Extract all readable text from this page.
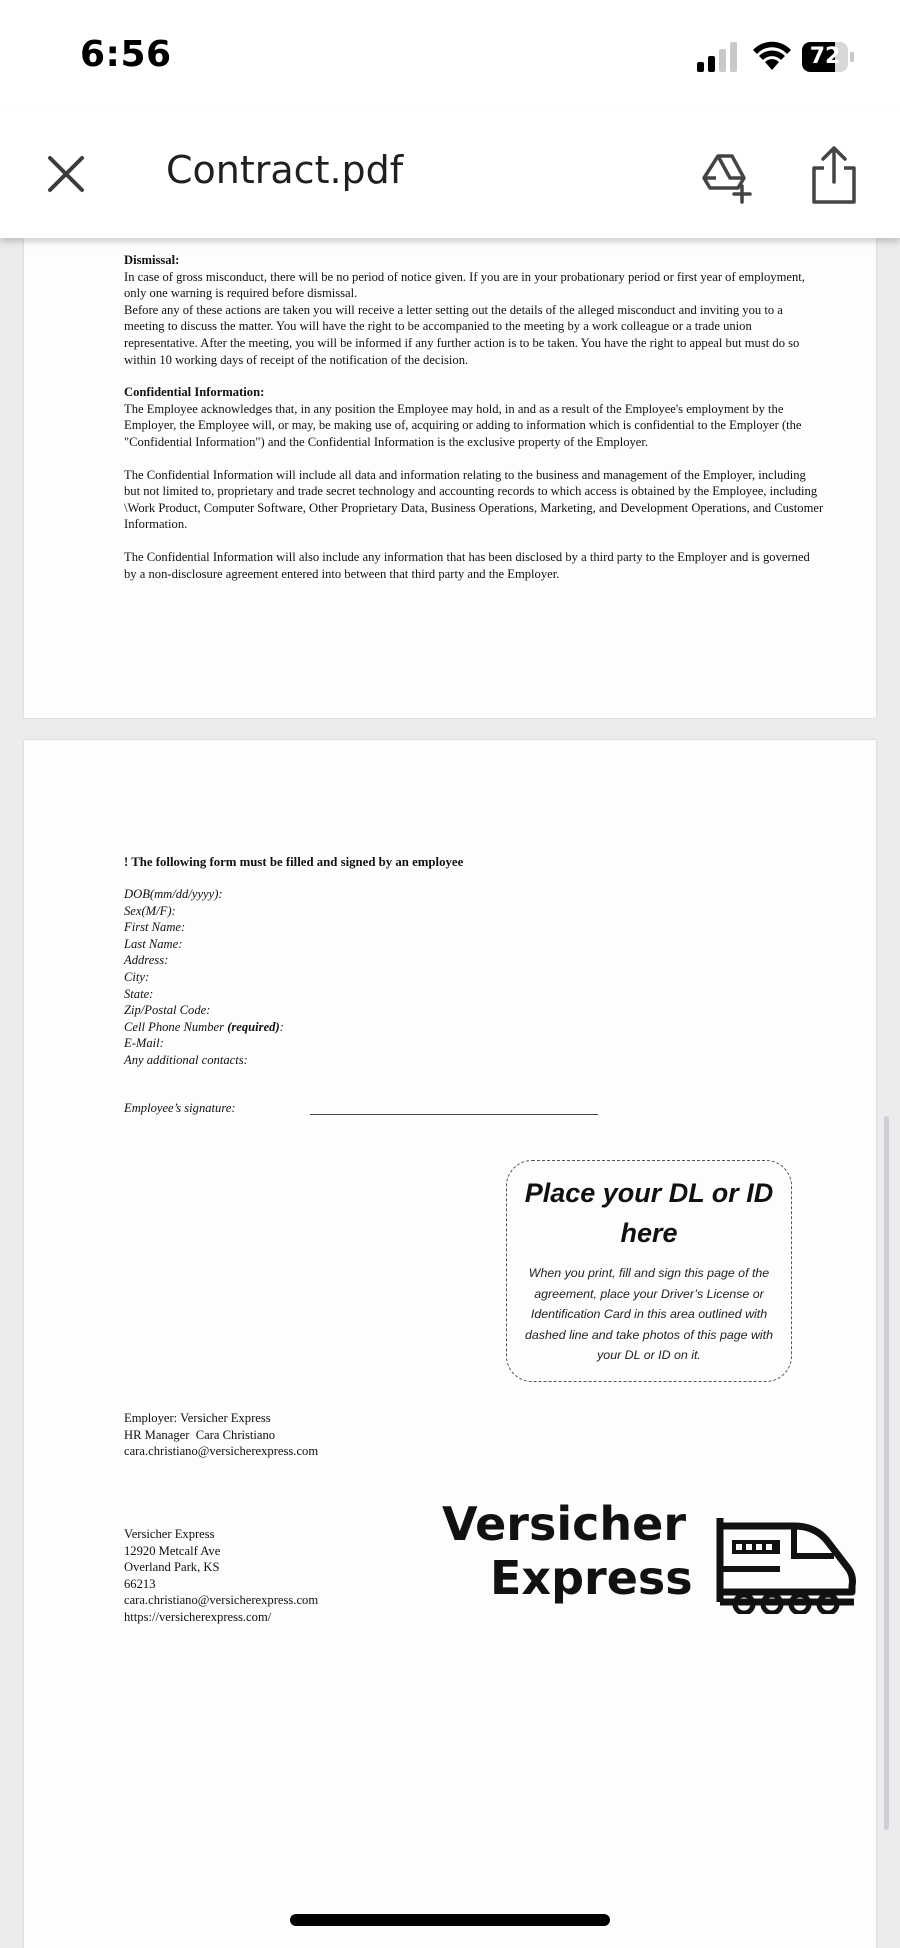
6:56	72
Contract.pdf

Dismissal:

In case of gross misconduct, there will be no period of notice given. If you are in your probationary period or first year of employment, only one warning is required before dismissal.

Before any of these actions are taken you will receive a letter setting out the details of the alleged misconduct and inviting you to a meeting to discuss the matter. You will have the right to be accompanied to the meeting by a work colleague or a trade union representative. After the meeting, you will be informed if any further action is to be taken. You have the right to appeal but must do so within 10 working days of receipt of the notification of the decision.

Confidential Information:

The Employee acknowledges that, in any position the Employee may hold, in and as a result of the Employee's employment by the Employer, the Employee will, or may, be making use of, acquiring or adding to information which is confidential to the Employer (the "Confidential Information") and the Confidential Information is the exclusive property of the Employer.

The Confidential Information will include all data and information relating to the business and management of the Employer, including but not limited to, proprietary and trade secret technology and accounting records to which access is obtained by the Employee, including \Work Product, Computer Software, Other Proprietary Data, Business Operations, Marketing, and Development Operations, and Customer Information.

The Confidential Information will also include any information that has been disclosed by a third party to the Employer and is governed by a non-disclosure agreement entered into between that third party and the Employer.

! The following form must be filled and signed by an employee

DOB(mm/dd/yyyy):

Sex(M/F):

First Name:

Last Name:

Address:

City:

State:

Zip/Postal Code:

Cell Phone Number (required):

E-Mail:

Any additional contacts:

Employee’s signature:
Place your DL or ID here
When you print, fill and sign this page of the agreement, place your Driver’s License or Identification Card in this area outlined with dashed line and take photos of this page with your DL or ID on it.

Employer: Versicher Express

HR Manager  Cara Christiano

cara.christiano@versicherexpress.com

Versicher Express

12920 Metcalf Ave

Overland Park, KS

66213

cara.christiano@versicherexpress.com

https://versicherexpress.com/

Versicher
Express
